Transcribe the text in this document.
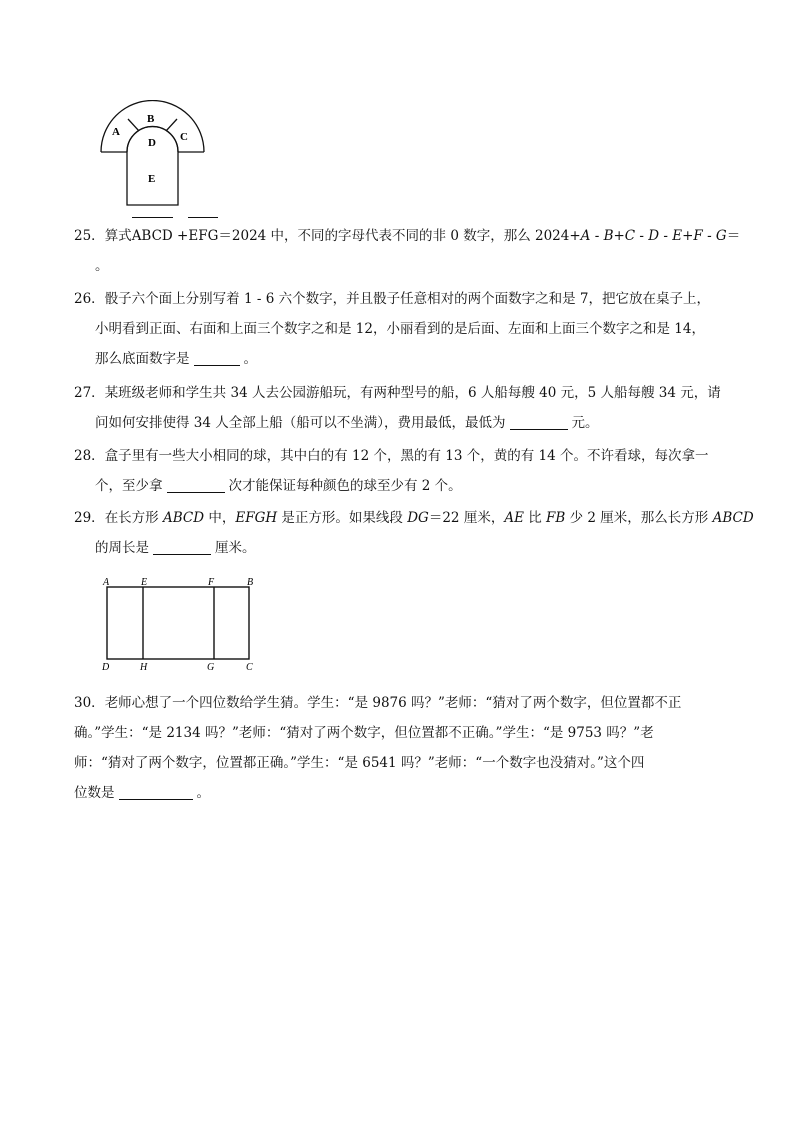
A
B
C
D
E
25．算式ABCD +EFG＝2024 中，不同的字母代表不同的非 0 数字，那么 2024+A - B+C - D - E+F - G＝
。
26．骰子六个面上分别写着 1 - 6 六个数字，并且骰子任意相对的两个面数字之和是 7，把它放在桌子上，
小明看到正面、右面和上面三个数字之和是 12，小丽看到的是后面、左面和上面三个数字之和是 14，
那么底面数字是	。
27．某班级老师和学生共 34 人去公园游船玩，有两种型号的船，6 人船每艘 40 元，5 人船每艘 34 元，请
问如何安排使得 34 人全部上船（船可以不坐满），费用最低，最低为	元。
28．盒子里有一些大小相同的球，其中白的有 12 个，黑的有 13 个，黄的有 14 个。不许看球，每次拿一
个，至少拿	次才能保证每种颜色的球至少有 2 个。
29．在长方形 ABCD 中，EFGH 是正方形。如果线段 DG＝22 厘米，AE 比 FB 少 2 厘米，那么长方形 ABCD
的周长是	厘米。
A	E	F	B
D	H	G	C
30．老师心想了一个四位数给学生猜。学生：“是 9876 吗？”老师：“猜对了两个数字，但位置都不正
确。”学生：“是 2134 吗？”老师：“猜对了两个数字，但位置都不正确。”学生：“是 9753 吗？”老
师：“猜对了两个数字，位置都正确。”学生：“是 6541 吗？”老师：“一个数字也没猜对。”这个四
位数是	。
